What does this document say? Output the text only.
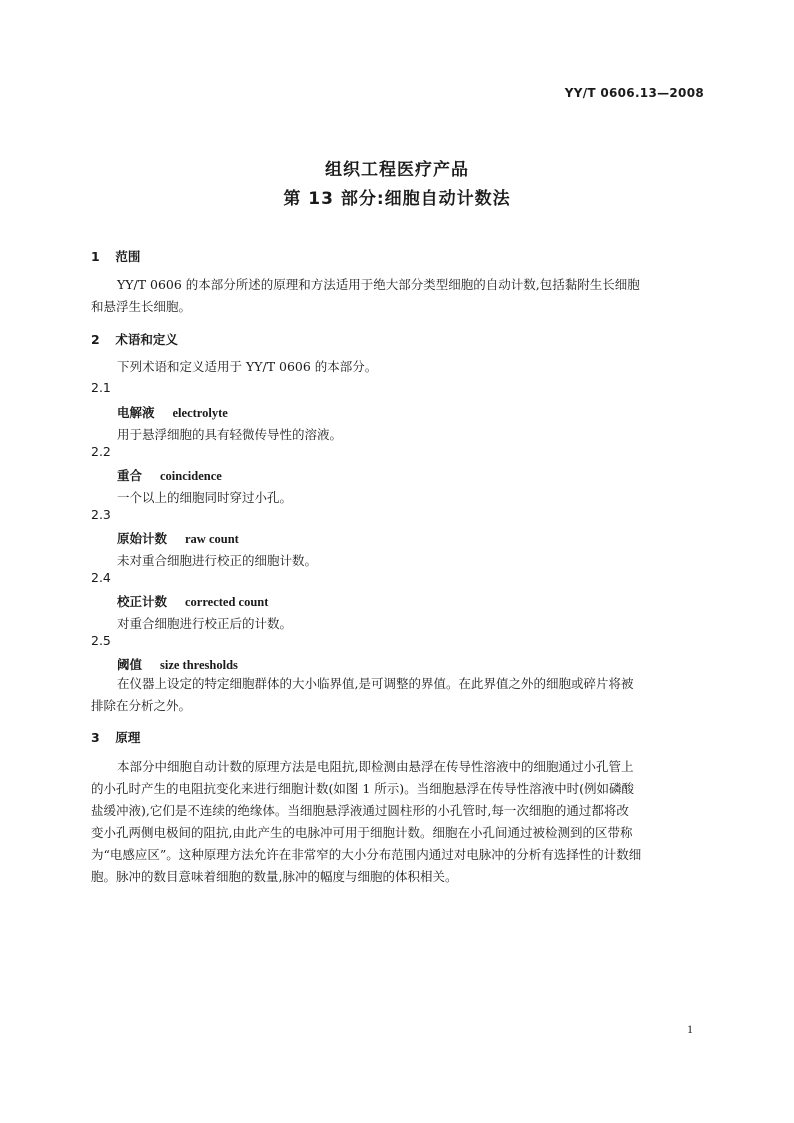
YY/T 0606.13—2008
组织工程医疗产品
第 13 部分:细胞自动计数法
1 范围
YY/T 0606 的本部分所述的原理和方法适用于绝大部分类型细胞的自动计数,包括黏附生长细胞
和悬浮生长细胞。
2 术语和定义
下列术语和定义适用于 YY/T 0606 的本部分。
2.1
电解液 electrolyte
用于悬浮细胞的具有轻微传导性的溶液。
2.2
重合 coincidence
一个以上的细胞同时穿过小孔。
2.3
原始计数 raw count
未对重合细胞进行校正的细胞计数。
2.4
校正计数 corrected count
对重合细胞进行校正后的计数。
2.5
阈值 size thresholds
在仪器上设定的特定细胞群体的大小临界值,是可调整的界值。在此界值之外的细胞或碎片将被
排除在分析之外。
3 原理
本部分中细胞自动计数的原理方法是电阻抗,即检测由悬浮在传导性溶液中的细胞通过小孔管上
的小孔时产生的电阻抗变化来进行细胞计数(如图 1 所示)。当细胞悬浮在传导性溶液中时(例如磷酸
盐缓冲液),它们是不连续的绝缘体。当细胞悬浮液通过圆柱形的小孔管时,每一次细胞的通过都将改
变小孔两侧电极间的阻抗,由此产生的电脉冲可用于细胞计数。细胞在小孔间通过被检测到的区带称
为“电感应区”。这种原理方法允许在非常窄的大小分布范围内通过对电脉冲的分析有选择性的计数细
胞。脉冲的数目意味着细胞的数量,脉冲的幅度与细胞的体积相关。
1
